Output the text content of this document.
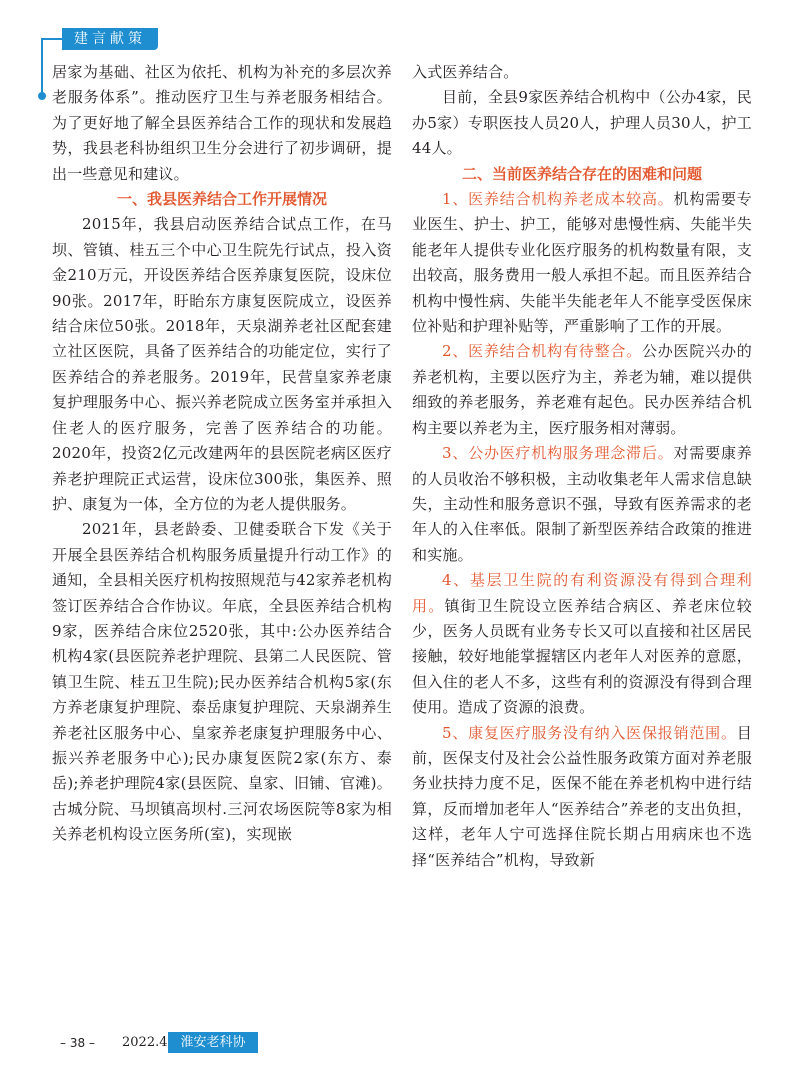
建言献策

居家为基础、社区为依托、机构为补充的多层次养老服务体系”。推动医疗卫生与养老服务相结合。为了更好地了解全县医养结合工作的现状和发展趋势，我县老科协组织卫生分会进行了初步调研，提出一些意见和建议。

一、我县医养结合工作开展情况

2015年，我县启动医养结合试点工作，在马坝、管镇、桂五三个中心卫生院先行试点，投入资金210万元，开设医养结合医养康复医院，设床位90张。2017年，盱眙东方康复医院成立，设医养结合床位50张。2018年，天泉湖养老社区配套建立社区医院，具备了医养结合的功能定位，实行了医养结合的养老服务。2019年，民营皇家养老康复护理服务中心、振兴养老院成立医务室并承担入住老人的医疗服务，完善了医养结合的功能。2020年，投资2亿元改建两年的县医院老病区医疗养老护理院正式运营，设床位300张，集医养、照护、康复为一体，全方位的为老人提供服务。

2021年，县老龄委、卫健委联合下发《关于开展全县医养结合机构服务质量提升行动工作》的通知，全县相关医疗机构按照规范与42家养老机构签订医养结合合作协议。年底，全县医养结合机构9家，医养结合床位2520张，其中:公办医养结合机构4家(县医院养老护理院、县第二人民医院、管镇卫生院、桂五卫生院);民办医养结合机构5家(东方养老康复护理院、泰岳康复护理院、天泉湖养生养老社区服务中心、皇家养老康复护理服务中心、振兴养老服务中心);民办康复医院2家(东方、泰岳);养老护理院4家(县医院、皇家、旧铺、官滩)。古城分院、马坝镇高坝村.三河农场医院等8家为相关养老机构设立医务所(室)，实现嵌

入式医养结合。

目前，全县9家医养结合机构中（公办4家，民办5家）专职医技人员20人，护理人员30人，护工44人。

二、当前医养结合存在的困难和问题

1、医养结合机构养老成本较高。机构需要专业医生、护士、护工，能够对患慢性病、失能半失能老年人提供专业化医疗服务的机构数量有限，支出较高，服务费用一般人承担不起。而且医养结合机构中慢性病、失能半失能老年人不能享受医保床位补贴和护理补贴等，严重影响了工作的开展。

2、医养结合机构有待整合。公办医院兴办的养老机构，主要以医疗为主，养老为辅，难以提供细致的养老服务，养老难有起色。民办医养结合机构主要以养老为主，医疗服务相对薄弱。

3、公办医疗机构服务理念滞后。对需要康养的人员收治不够积极，主动收集老年人需求信息缺失，主动性和服务意识不强，导致有医养需求的老年人的入住率低。限制了新型医养结合政策的推进和实施。

4、基层卫生院的有利资源没有得到合理利用。镇街卫生院设立医养结合病区、养老床位较少，医务人员既有业务专长又可以直接和社区居民接触，较好地能掌握辖区内老年人对医养的意愿，但入住的老人不多，这些有利的资源没有得到合理使用。造成了资源的浪费。

5、康复医疗服务没有纳入医保报销范围。目前，医保支付及社会公益性服务政策方面对养老服务业扶持力度不足，医保不能在养老机构中进行结算，反而增加老年人“医养结合”养老的支出负担，这样，老年人宁可选择住院长期占用病床也不选择“医养结合”机构，导致新

– 38 – 2022.4 淮安老科协
